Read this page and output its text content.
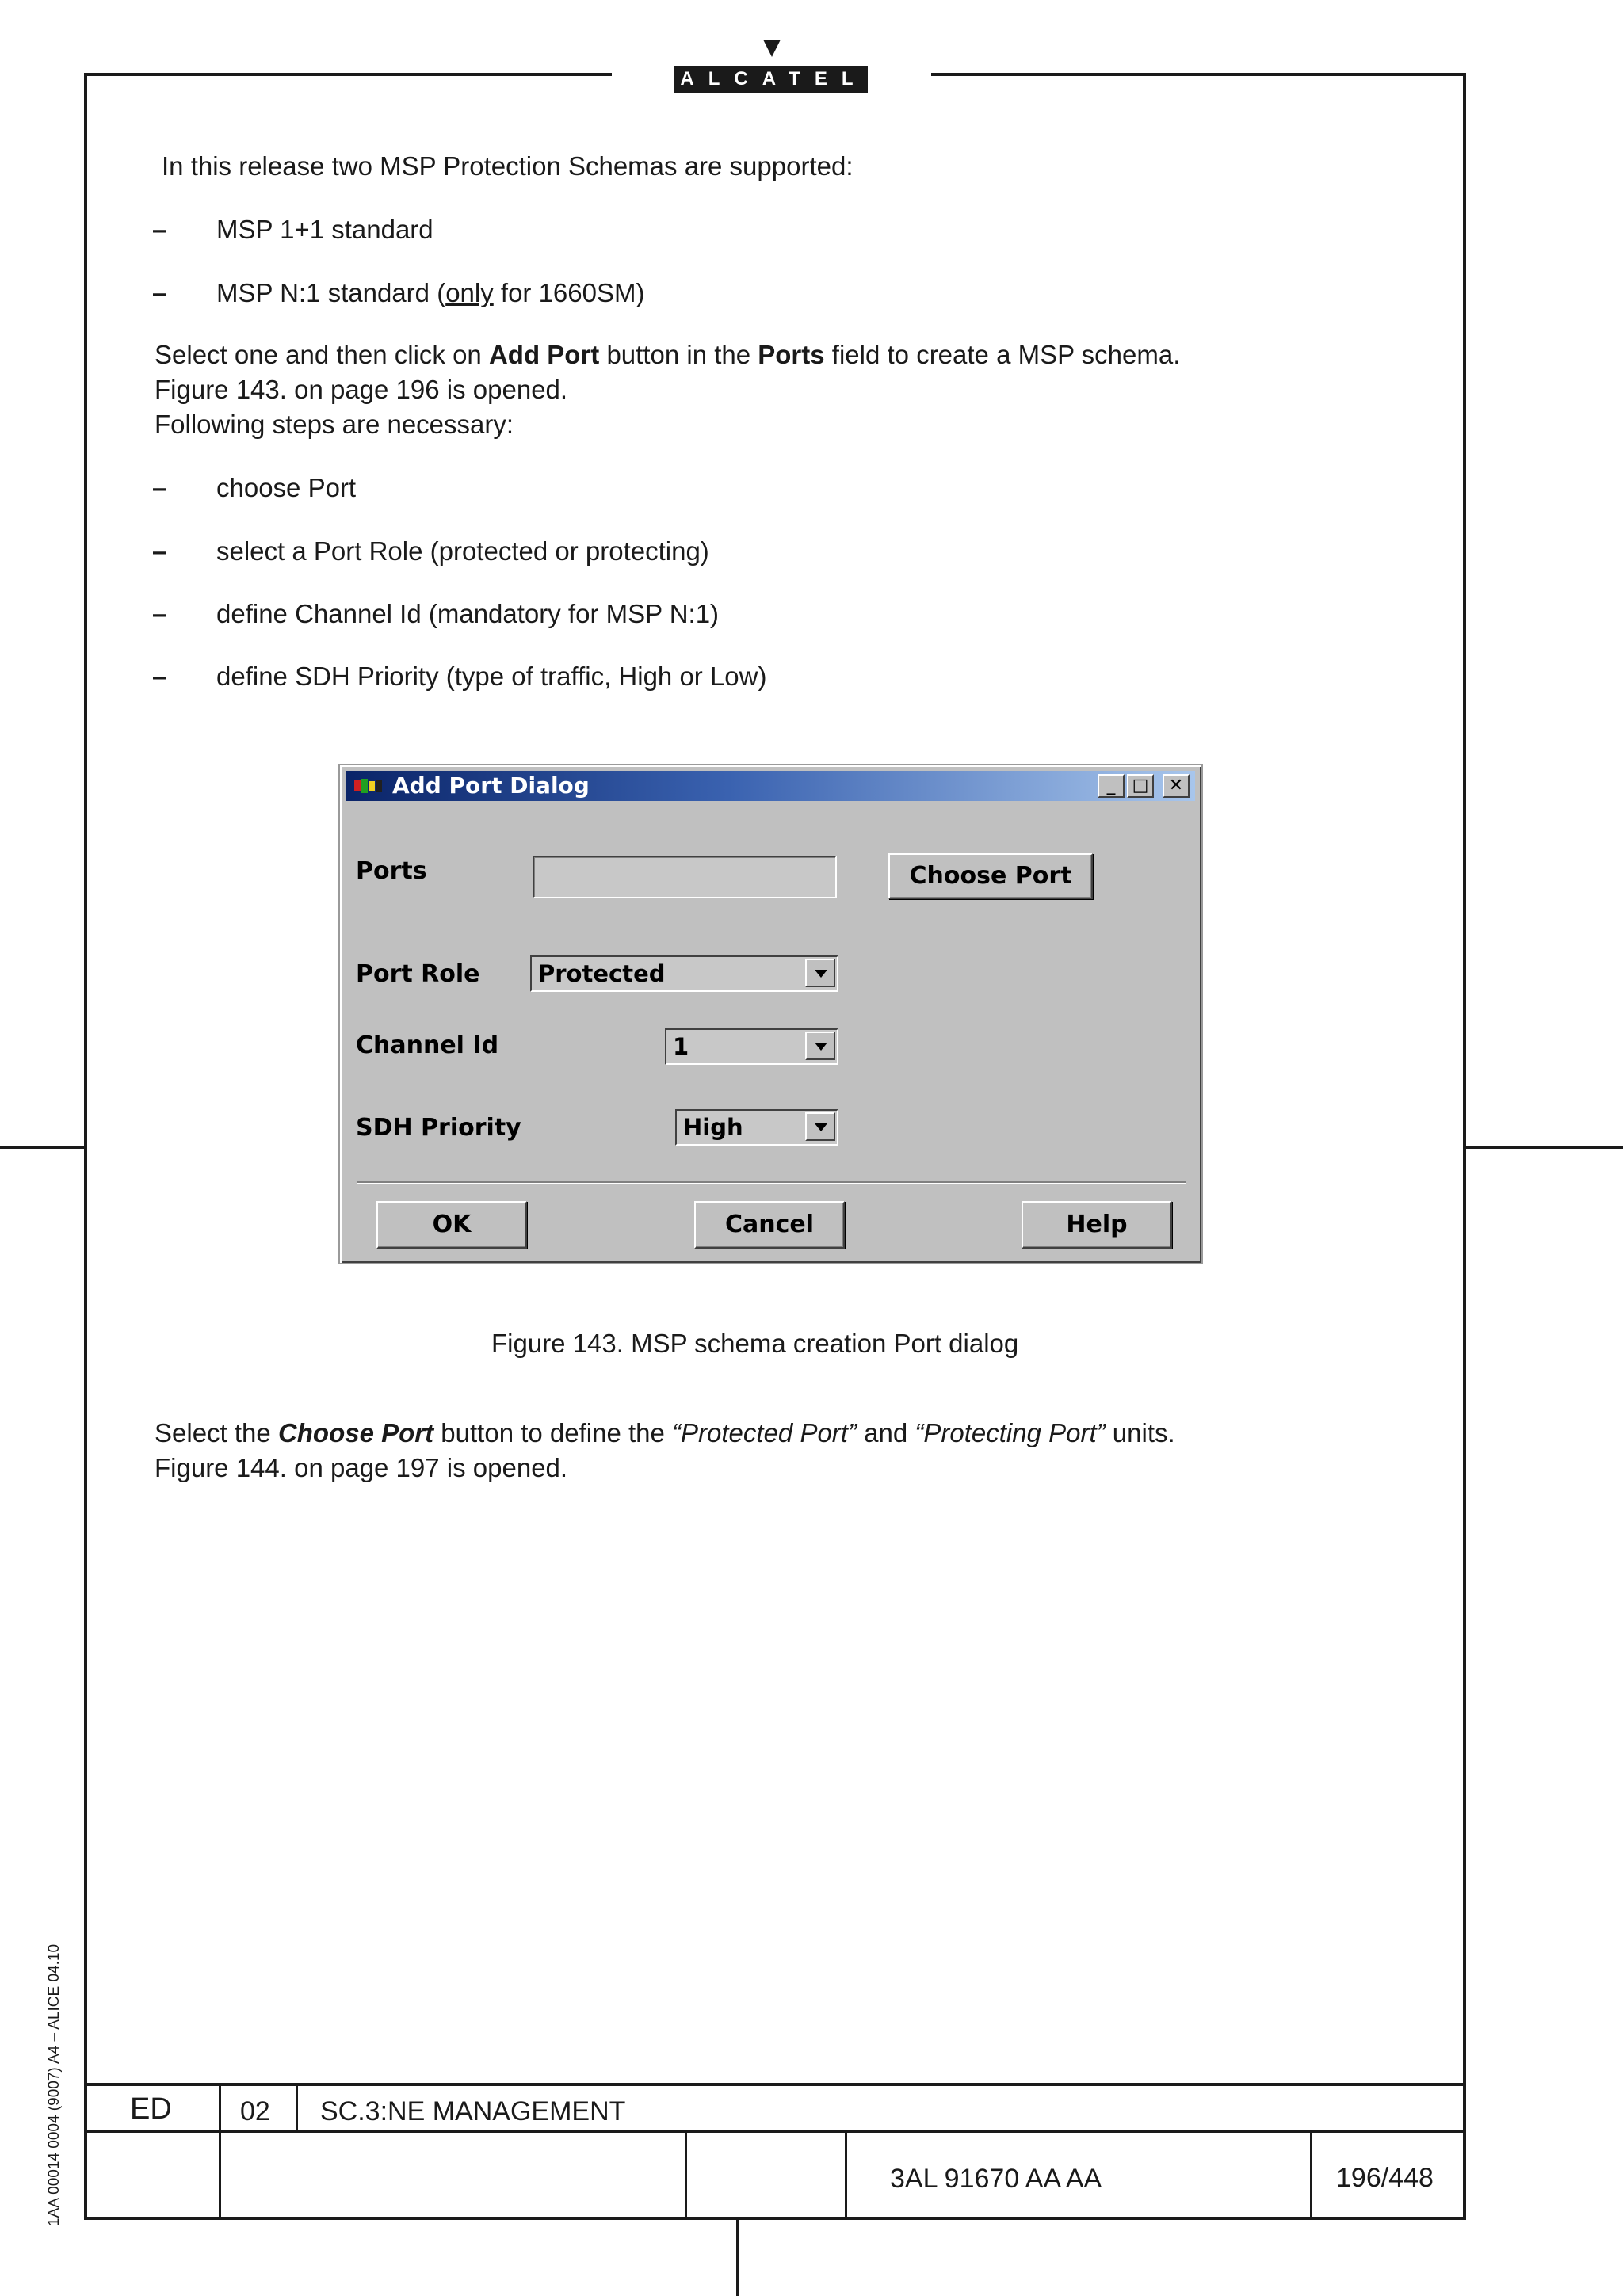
ALCATEL
In this release two MSP Protection Schemas are supported:
– MSP 1+1 standard
– MSP N:1 standard (only for 1660SM)
Select one and then click on Add Port button in the Ports field to create a MSP schema.
Figure 143. on page 196 is opened.
Following steps are necessary:
– choose Port
– select a Port Role (protected or protecting)
– define Channel Id (mandatory for MSP N:1)
– define SDH Priority (type of traffic, High or Low)
Add Port Dialog	_ □	✕
Ports	Choose Port
Port Role	Protected
Channel Id	1
SDH Priority	High
OK	Cancel	Help
Figure 143. MSP schema creation Port dialog
Select the Choose Port button to define the “Protected Port” and “Protecting Port” units.
Figure 144. on page 197 is opened.
ED	02 SC.3:NE MANAGEMENT
3AL 91670 AA AA	196/448
1AA 00014 0004 (9007) A4 – ALICE 04.10
